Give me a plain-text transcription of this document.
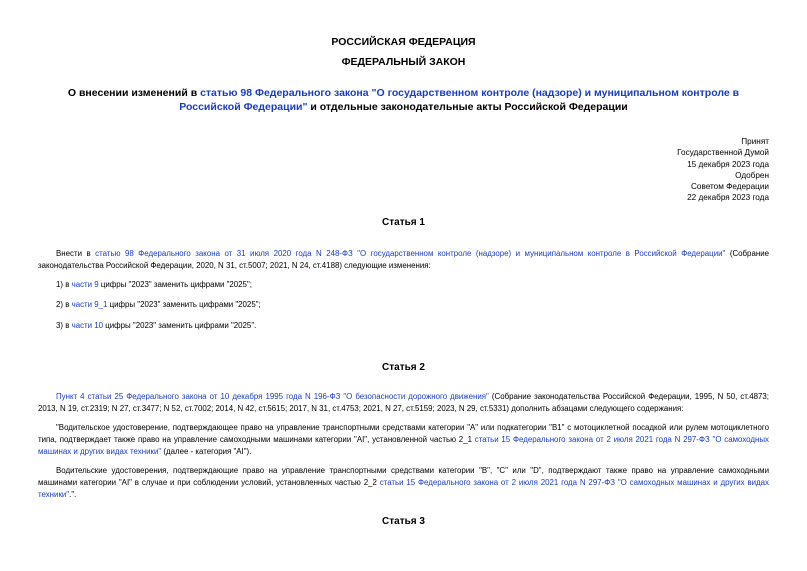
РОССИЙСКАЯ ФЕДЕРАЦИЯ
ФЕДЕРАЛЬНЫЙ ЗАКОН
О внесении изменений в статью 98 Федерального закона "О государственном контроле (надзоре) и муниципальном контроле в Российской Федерации" и отдельные законодательные акты Российской Федерации
Принят
Государственной Думой
15 декабря 2023 года
Одобрен
Советом Федерации
22 декабря 2023 года
Статья 1
Внести в статью 98 Федерального закона от 31 июля 2020 года N 248-ФЗ "О государственном контроле (надзоре) и муниципальном контроле в Российской Федерации" (Собрание законодательства Российской Федерации, 2020, N 31, ст.5007; 2021, N 24, ст.4188) следующие изменения:
1) в части 9 цифры "2023" заменить цифрами "2025";
2) в части 9_1 цифры "2023" заменить цифрами "2025";
3) в части 10 цифры "2023" заменить цифрами "2025".
Статья 2
Пункт 4 статьи 25 Федерального закона от 10 декабря 1995 года N 196-ФЗ "О безопасности дорожного движения" (Собрание законодательства Российской Федерации, 1995, N 50, ст.4873; 2013, N 19, ст.2319; N 27, ст.3477; N 52, ст.7002; 2014, N 42, ст.5615; 2017, N 31, ст.4753; 2021, N 27, ст.5159; 2023, N 29, ст.5331) дополнить абзацами следующего содержания:
"Водительское удостоверение, подтверждающее право на управление транспортными средствами категории "A" или подкатегории "B1" с мотоциклетной посадкой или рулем мотоциклетного типа, подтверждает также право на управление самоходными машинами категории "AI", установленной частью 2_1 статьи 15 Федерального закона от 2 июля 2021 года N 297-ФЗ "О самоходных машинах и других видах техники" (далее - категория "AI").
Водительские удостоверения, подтверждающие право на управление транспортными средствами категории "B", "C" или "D", подтверждают также право на управление самоходными машинами категории "AI" в случае и при соблюдении условий, установленных частью 2_2 статьи 15 Федерального закона от 2 июля 2021 года N 297-ФЗ "О самоходных машинах и других видах техники".".
Статья 3
